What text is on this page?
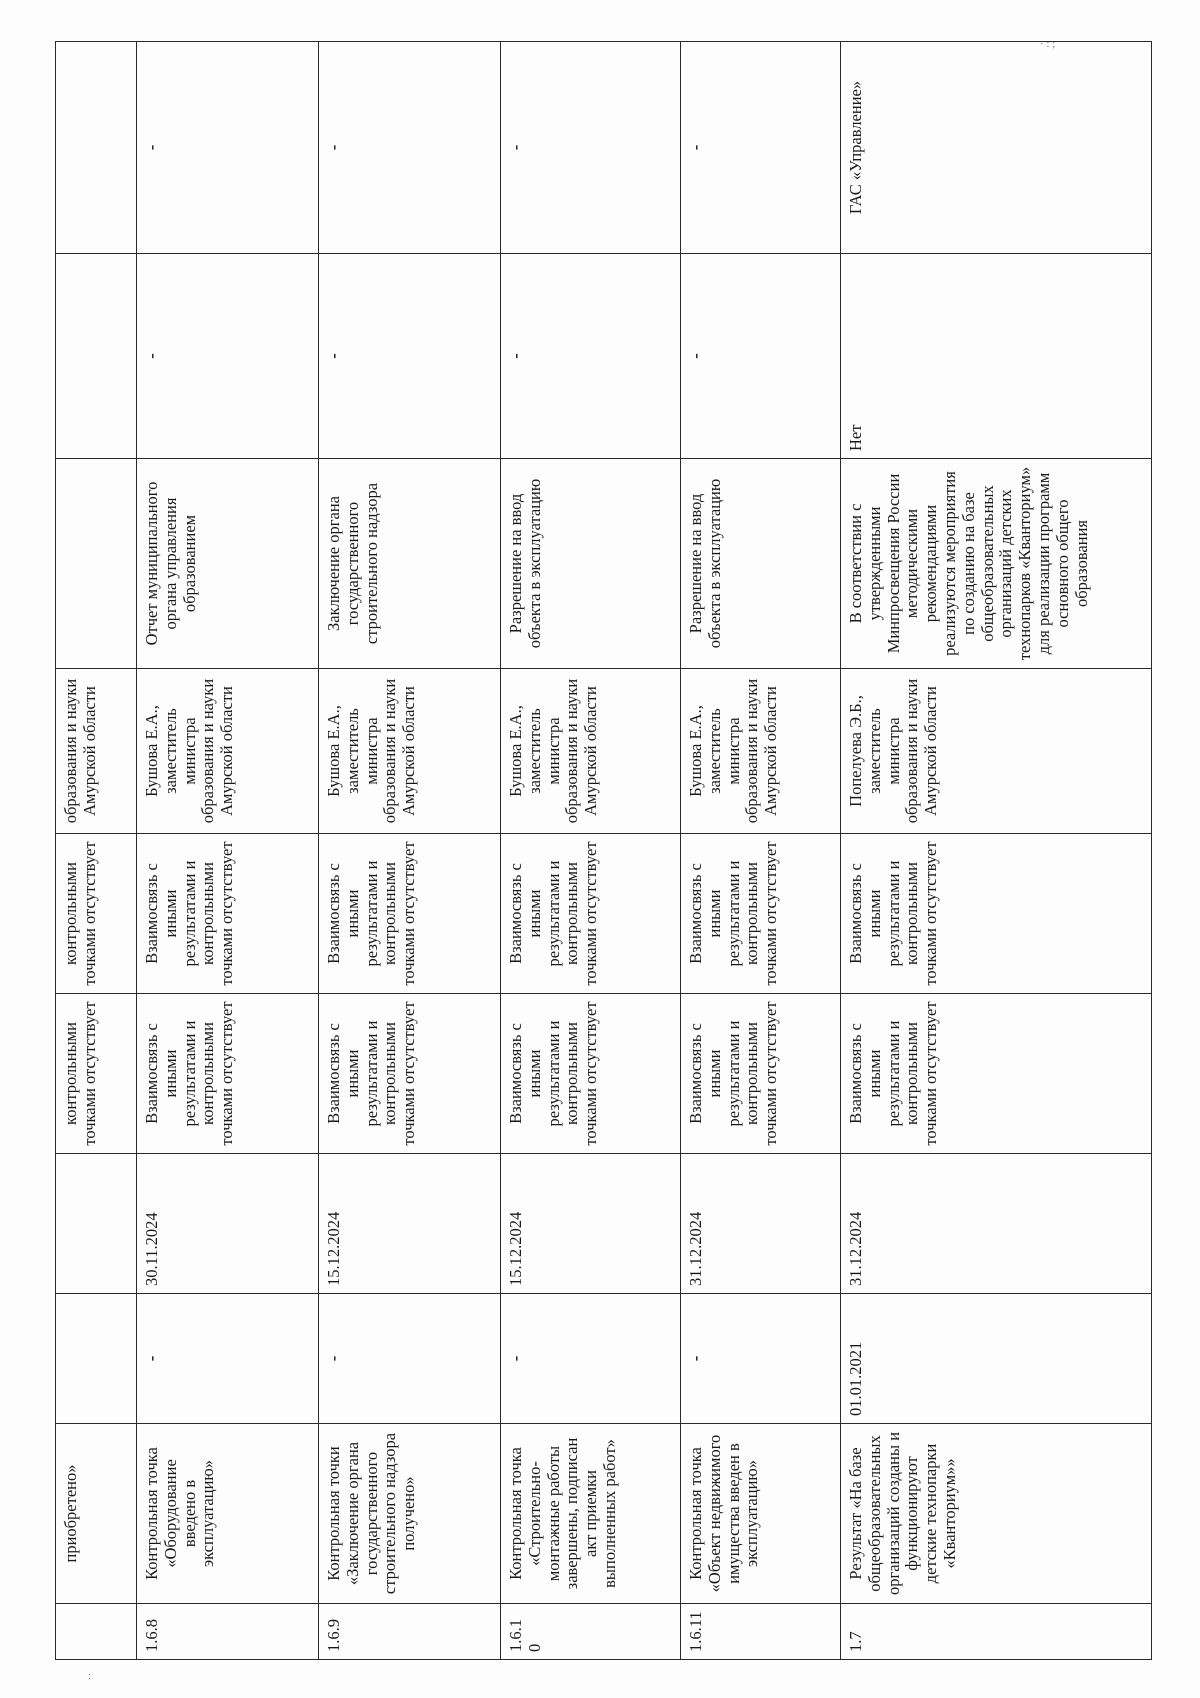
· : ;
:
	приобретено»			контрольными точками отсутствует	контрольными точками отсутствует	образования и науки Амурской области			
1.6.8	Контрольная точка «Оборудование введено в эксплуатацию»	-	30.11.2024	Взаимосвязь с иными результатами и контрольными точками отсутствует	Взаимосвязь с иными результатами и контрольными точками отсутствует	Бушова Е.А., заместитель министра образования и науки Амурской области	Отчет муниципального органа управления образованием	-	-

1.6.9	Контрольная точки «Заключение органа государственного строительного надзора получено»	-	15.12.2024	Взаимосвязь с иными результатами и контрольными точками отсутствует	Взаимосвязь с иными результатами и контрольными точками отсутствует	Бушова Е.А., заместитель министра образования и науки Амурской области	Заключение органа государственного строительного надзора	-	-

1.6.10	Контрольная точка «Строительно-монтажные работы завершены, подписан акт приемки выполненных работ»	-	15.12.2024	Взаимосвязь с иными результатами и контрольными точками отсутствует	Взаимосвязь с иными результатами и контрольными точками отсутствует	Бушова Е.А., заместитель министра образования и науки Амурской области	Разрешение на ввод объекта в эксплуатацию	-	-

1.6.11	Контрольная точка «Объект недвижимого имущества введен в эксплуатацию»	-	31.12.2024	Взаимосвязь с иными результатами и контрольными точками отсутствует	Взаимосвязь с иными результатами и контрольными точками отсутствует	Бушова Е.А., заместитель министра образования и науки Амурской области	Разрешение на ввод объекта в эксплуатацию	-	-

1.7	Результат «На базе общеобразовательных организаций созданы и функционируют детские технопарки «Кванториум»»	01.01.2021	31.12.2024	Взаимосвязь с иными результатами и контрольными точками отсутствует	Взаимосвязь с иными результатами и контрольными точками отсутствует	Попелуева Э.Б., заместитель министра образования и науки Амурской области	В соответствии с утвержденными Минпросвещения России методическими рекомендациями реализуются мероприятия по созданию на базе общеобразовательных организаций детских технопарков «Кванториум» для реализации программ основного общего образования	Нет	ГАС «Управление»
